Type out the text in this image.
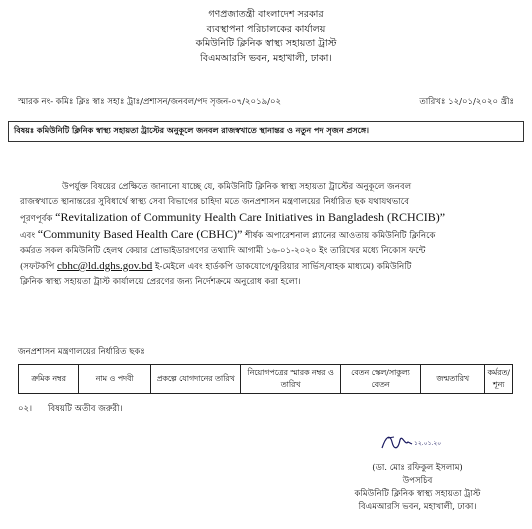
গণপ্রজাতন্ত্রী বাংলাদেশ সরকার
ব্যবস্থাপনা পরিচালকের কার্যালয়
কমিউনিটি ক্লিনিক স্বাস্থ্য সহায়তা ট্রাস্ট
বিএমআরসি ভবন, মহাখালী, ঢাকা।
স্মারক নং- কমিঃ ক্লিঃ স্বাঃ সহাঃ ট্রাঃ/প্রশাসন/জনবল/পদ সৃজন-০৭/২০১৯/০২	তারিখঃ ১২/০১/২০২০ খ্রীঃ
বিষয়ঃ কমিউনিটি ক্লিনিক স্বাস্থ্য সহায়তা ট্রাস্টের অনুকূলে জনবল রাজস্বখাতে স্থানান্তর ও নতুন পদ সৃজন প্রসঙ্গে।

উপর্যুক্ত বিষয়ের প্রেক্ষিতে জানানো যাচ্ছে যে, কমিউনিটি ক্লিনিক স্বাস্থ্য সহায়তা ট্রাস্টের অনুকূলে জনবল

রাজস্বখাতে স্থানান্তরের সুবিধার্থে স্বাস্থ্য সেবা বিভাগের চাহিদা মতে জনপ্রশাসন মন্ত্রণালয়ের নির্ধারিত ছক যথাযথভাবে

পূরণপূর্বক “Revitalization of Community Health Care Initiatives in Bangladesh (RCHCIB)”

এবং “Community Based Health Care (CBHC)” শীর্ষক অপারেশনাল প্ল্যানের আওতায় কমিউনিটি ক্লিনিকে

কর্মরত সকল কমিউনিটি হেলথ কেয়ার প্রোভাইডারগণের তথ্যাদি আগামী ১৬-০১-২০২০ ইং তারিখের মধ্যে নিকোস ফন্টে

(সফটকপি cbhc@ld.dghs.gov.bd ই-মেইলে এবং হার্ডকপি ডাকযোগে/কুরিয়ার সার্ভিস/বাহক মাধ্যমে) কমিউনিটি

ক্লিনিক স্বাস্থ্য সহায়তা ট্রাস্ট কার্যালয়ে প্রেরণের জন্য নির্দেশক্রমে অনুরোধ করা হলো।

জনপ্রশাসন মন্ত্রণালয়ের নির্ধারিত ছকঃ
ক্রমিক নম্বর	নাম ও পদবী	প্রকল্পে যোগদানের তারিখ	নিয়োগপত্রের স্মারক নম্বর ও তারিখ	বেতন স্কেল/সাকুল্য বেতন	জন্মতারিখ	কর্মরত/শূন্য
০২। বিষয়টি অতীব জরুরী।
১২.০১.২০
(ডা. মোঃ রফিকুল ইসলাম)
উপসচিব
কমিউনিটি ক্লিনিক স্বাস্থ্য সহায়তা ট্রাস্ট
বিএমআরসি ভবন, মহাখালী, ঢাকা।
